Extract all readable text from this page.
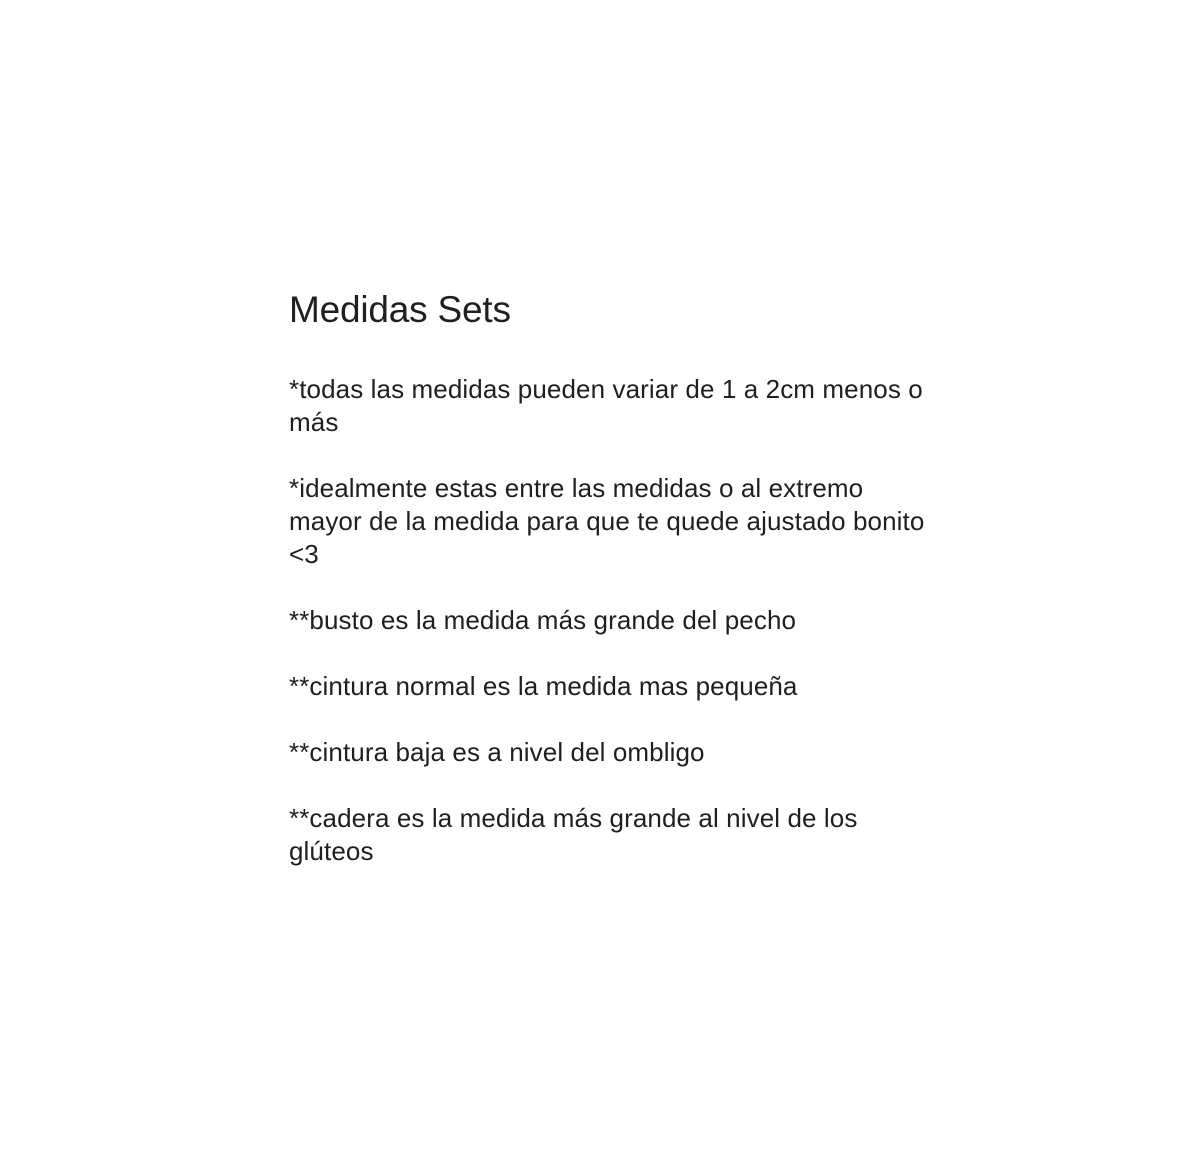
Medidas Sets

*todas las medidas pueden variar de 1 a 2cm menos o más

*idealmente estas entre las medidas o al extremo mayor de la medida para que te quede ajustado bonito <3

**busto es la medida más grande del pecho

**cintura normal es la medida mas pequeña

**cintura baja es a nivel del ombligo

**cadera es la medida más grande al nivel de los glúteos
